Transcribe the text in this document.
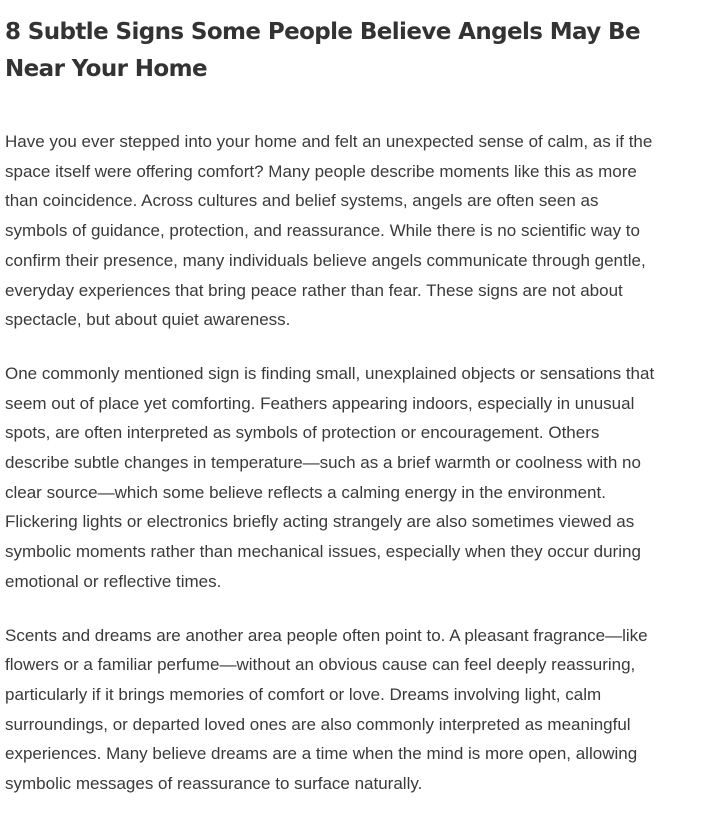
8 Subtle Signs Some People Believe Angels May Be Near Your Home

Have you ever stepped into your home and felt an unexpected sense of calm, as if the space itself were offering comfort? Many people describe moments like this as more than coincidence. Across cultures and belief systems, angels are often seen as symbols of guidance, protection, and reassurance. While there is no scientific way to confirm their presence, many individuals believe angels communicate through gentle, everyday experiences that bring peace rather than fear. These signs are not about spectacle, but about quiet awareness.

One commonly mentioned sign is finding small, unexplained objects or sensations that seem out of place yet comforting. Feathers appearing indoors, especially in unusual spots, are often interpreted as symbols of protection or encouragement. Others describe subtle changes in temperature—such as a brief warmth or coolness with no clear source—which some believe reflects a calming energy in the environment. Flickering lights or electronics briefly acting strangely are also sometimes viewed as symbolic moments rather than mechanical issues, especially when they occur during emotional or reflective times.

Scents and dreams are another area people often point to. A pleasant fragrance—like flowers or a familiar perfume—without an obvious cause can feel deeply reassuring, particularly if it brings memories of comfort or love. Dreams involving light, calm surroundings, or departed loved ones are also commonly interpreted as meaningful experiences. Many believe dreams are a time when the mind is more open, allowing symbolic messages of reassurance to surface naturally.
